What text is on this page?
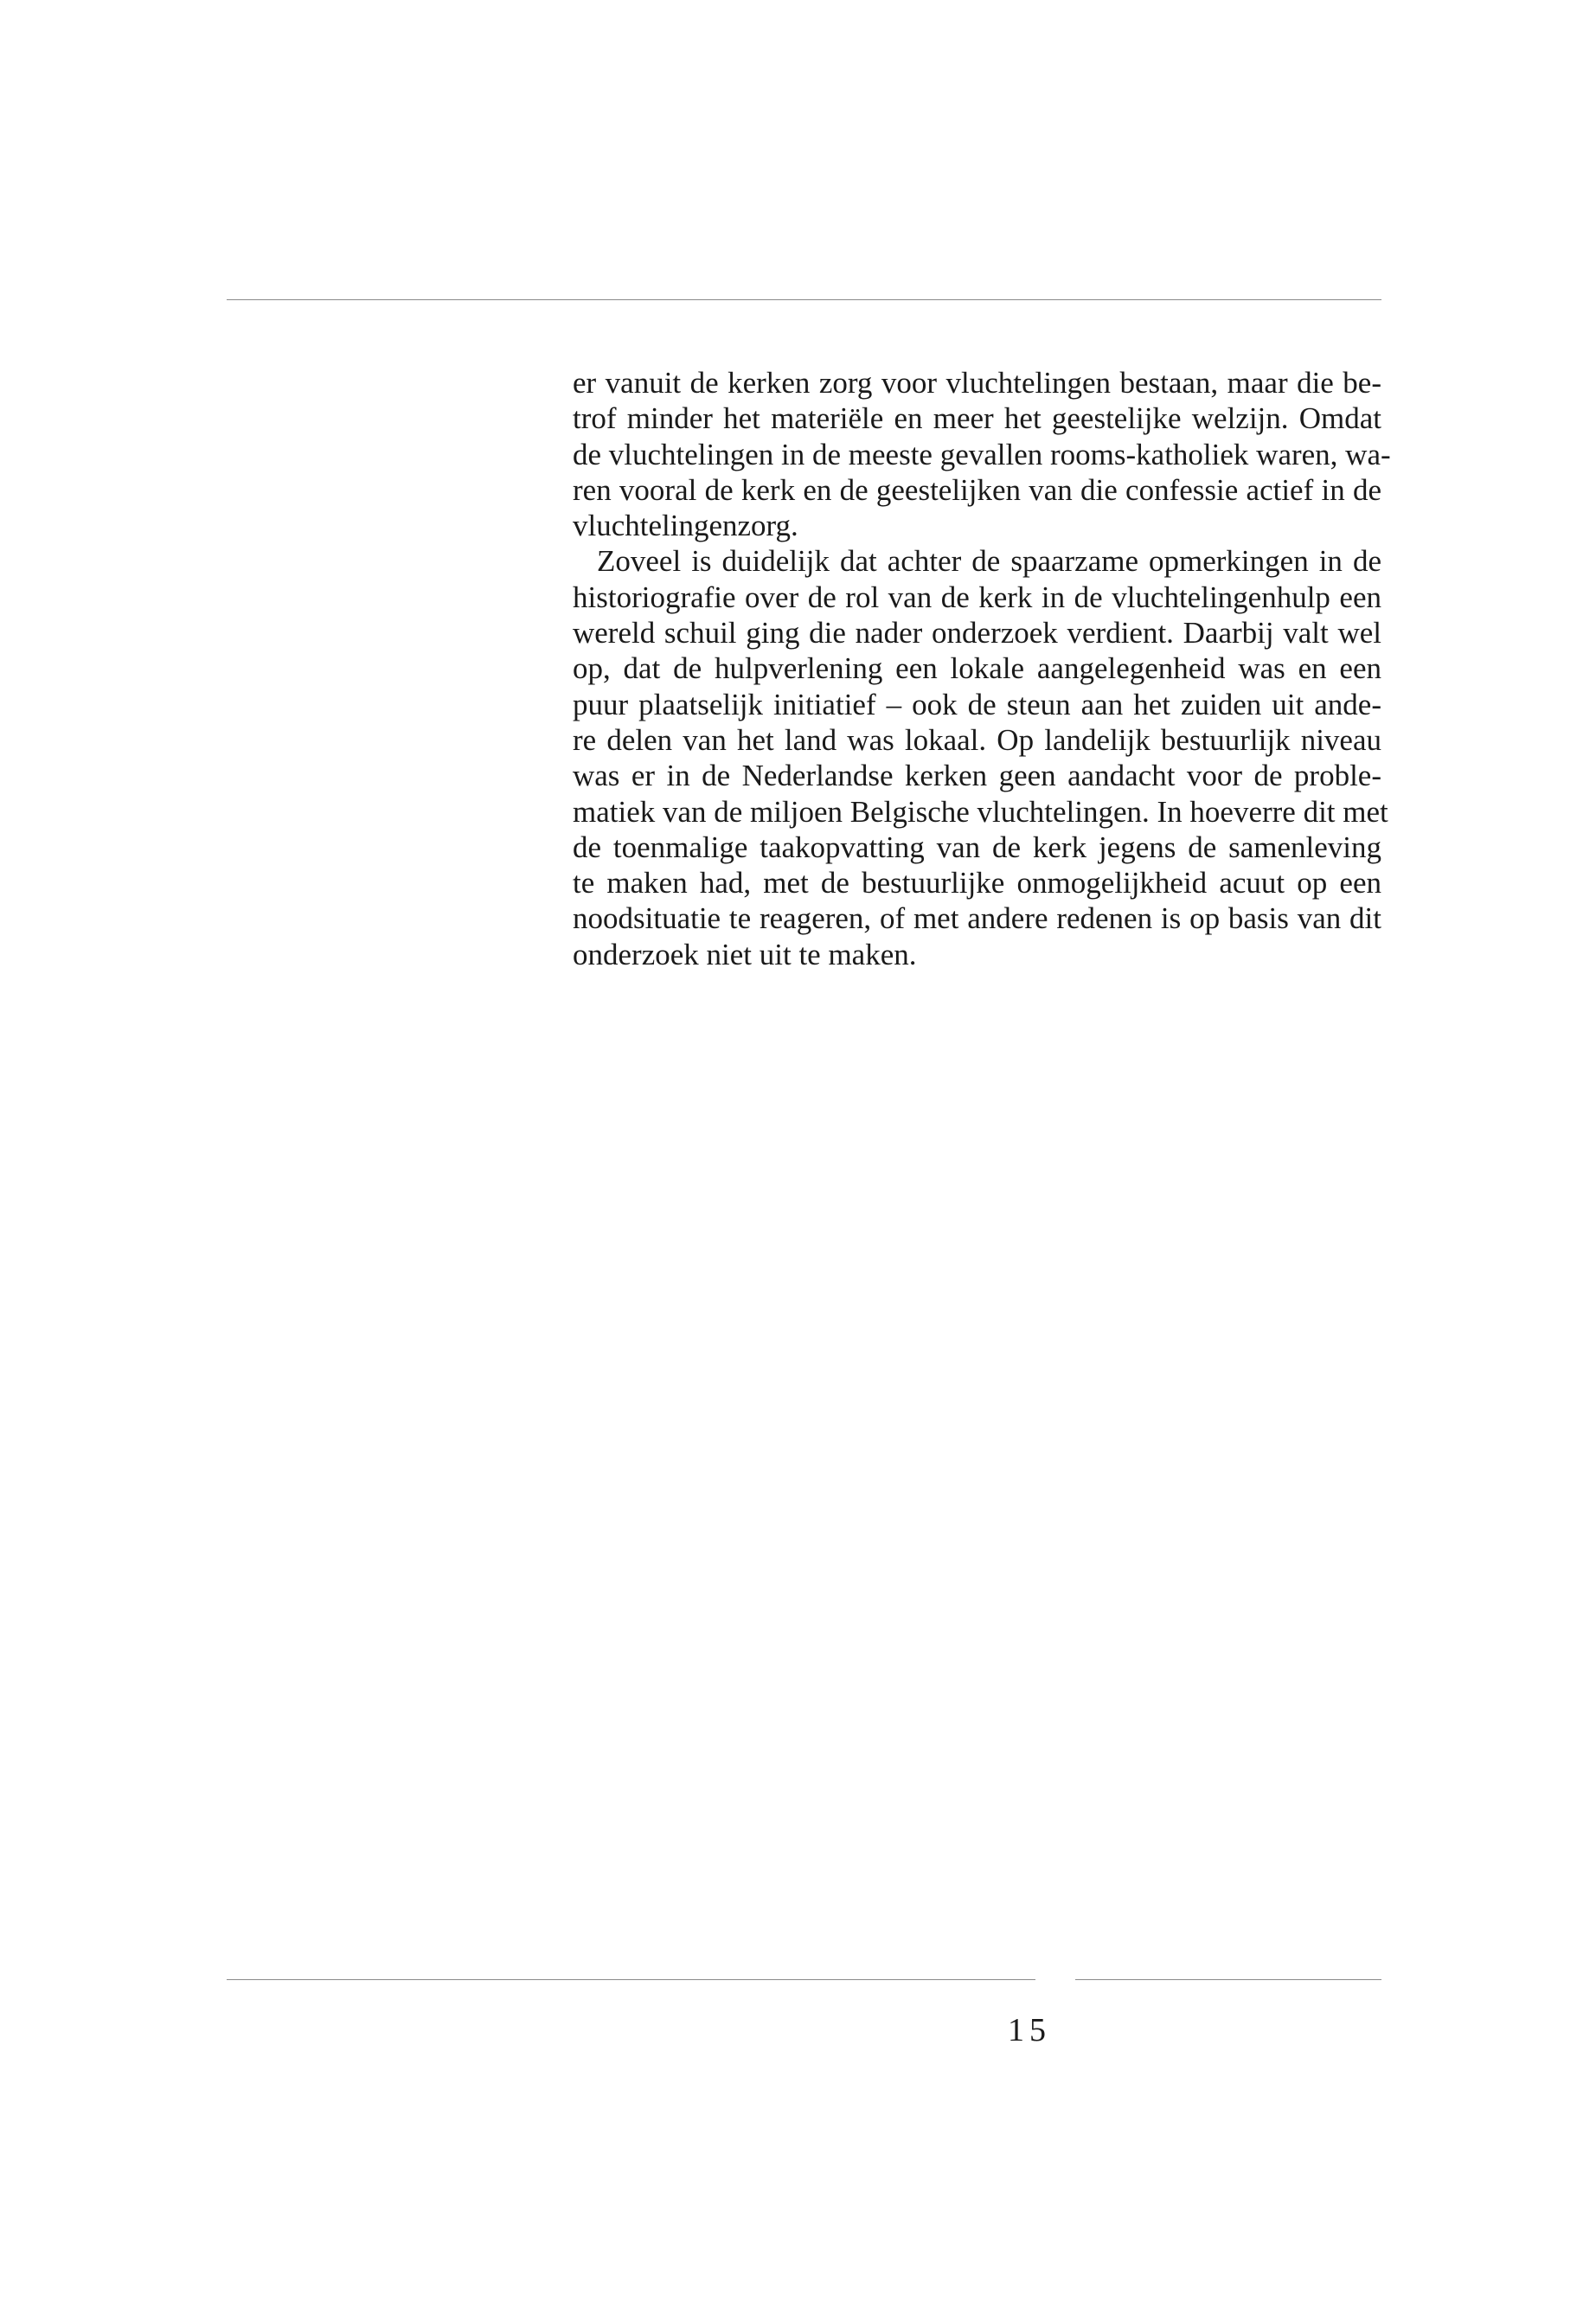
er vanuit de kerken zorg voor vluchtelingen bestaan, maar die be-
trof minder het materiële en meer het geestelijke welzijn. Omdat
de vluchtelingen in de meeste gevallen rooms-katholiek waren, wa-
ren vooral de kerk en de geestelijken van die confessie actief in de
vluchtelingenzorg.
Zoveel is duidelijk dat achter de spaarzame opmerkingen in de
historiografie over de rol van de kerk in de vluchtelingenhulp een
wereld schuil ging die nader onderzoek verdient. Daarbij valt wel
op, dat de hulpverlening een lokale aangelegenheid was en een
puur plaatselijk initiatief – ook de steun aan het zuiden uit ande-
re delen van het land was lokaal. Op landelijk bestuurlijk niveau
was er in de Nederlandse kerken geen aandacht voor de proble-
matiek van de miljoen Belgische vluchtelingen. In hoeverre dit met
de toenmalige taakopvatting van de kerk jegens de samenleving
te maken had, met de bestuurlijke onmogelijkheid acuut op een
noodsituatie te reageren, of met andere redenen is op basis van dit
onderzoek niet uit te maken.
15
